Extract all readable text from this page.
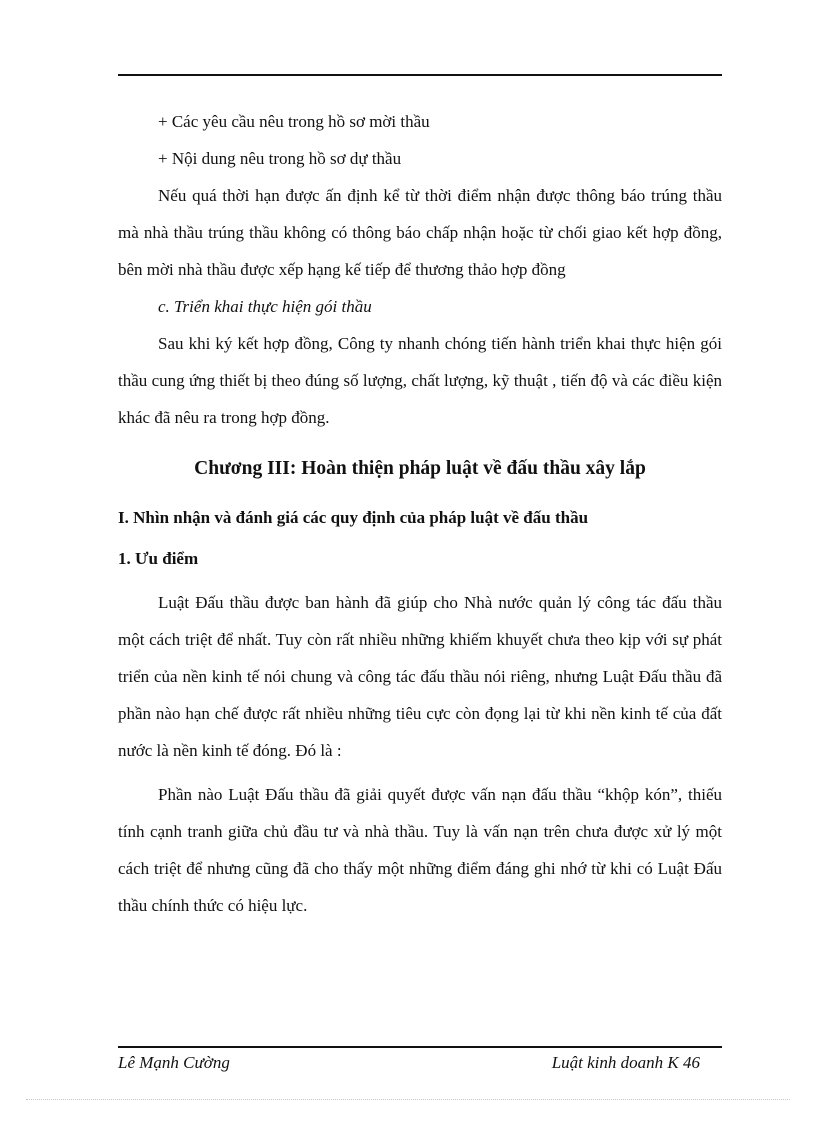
+ Các yêu cầu nêu trong hồ sơ mời thầu

+ Nội dung nêu trong hồ sơ dự thầu

Nếu quá thời hạn được ấn định kể từ thời điểm nhận được thông báo trúng thầu mà nhà thầu trúng thầu không có thông báo chấp nhận hoặc từ chối giao kết hợp đồng, bên mời nhà thầu được xếp hạng kế tiếp để thương thảo hợp đồng

c. Triển khai thực hiện gói thầu

Sau khi ký kết hợp đồng, Công ty nhanh chóng tiến hành triển khai thực hiện gói thầu cung ứng thiết bị theo đúng số lượng, chất lượng, kỹ thuật , tiến độ và các điều kiện khác đã nêu ra trong hợp đồng.

Chương III: Hoàn thiện pháp luật về đấu thầu xây lắp

I. Nhìn nhận và đánh giá các quy định của pháp luật về đấu thầu

1. Ưu điểm

Luật Đấu thầu được ban hành đã giúp cho Nhà nước quản lý công tác đấu thầu một cách triệt để nhất. Tuy còn rất nhiều những khiếm khuyết chưa theo kịp với sự phát triển của nền kinh tế nói chung và công tác đấu thầu nói riêng, nhưng Luật Đấu thầu đã phần nào hạn chế được rất nhiều những tiêu cực còn đọng lại từ khi nền kinh tế của đất nước là nền kinh tế đóng. Đó là :

Phần nào Luật Đấu thầu đã giải quyết được vấn nạn đấu thầu “khộp kón”, thiếu tính cạnh tranh giữa chủ đầu tư và nhà thầu. Tuy là vấn nạn trên chưa được xử lý một cách triệt để nhưng cũng đã cho thấy một những điểm đáng ghi nhớ từ khi có Luật Đấu thầu chính thức có hiệu lực.

Lê Mạnh Cường	Luật kinh doanh K 46
